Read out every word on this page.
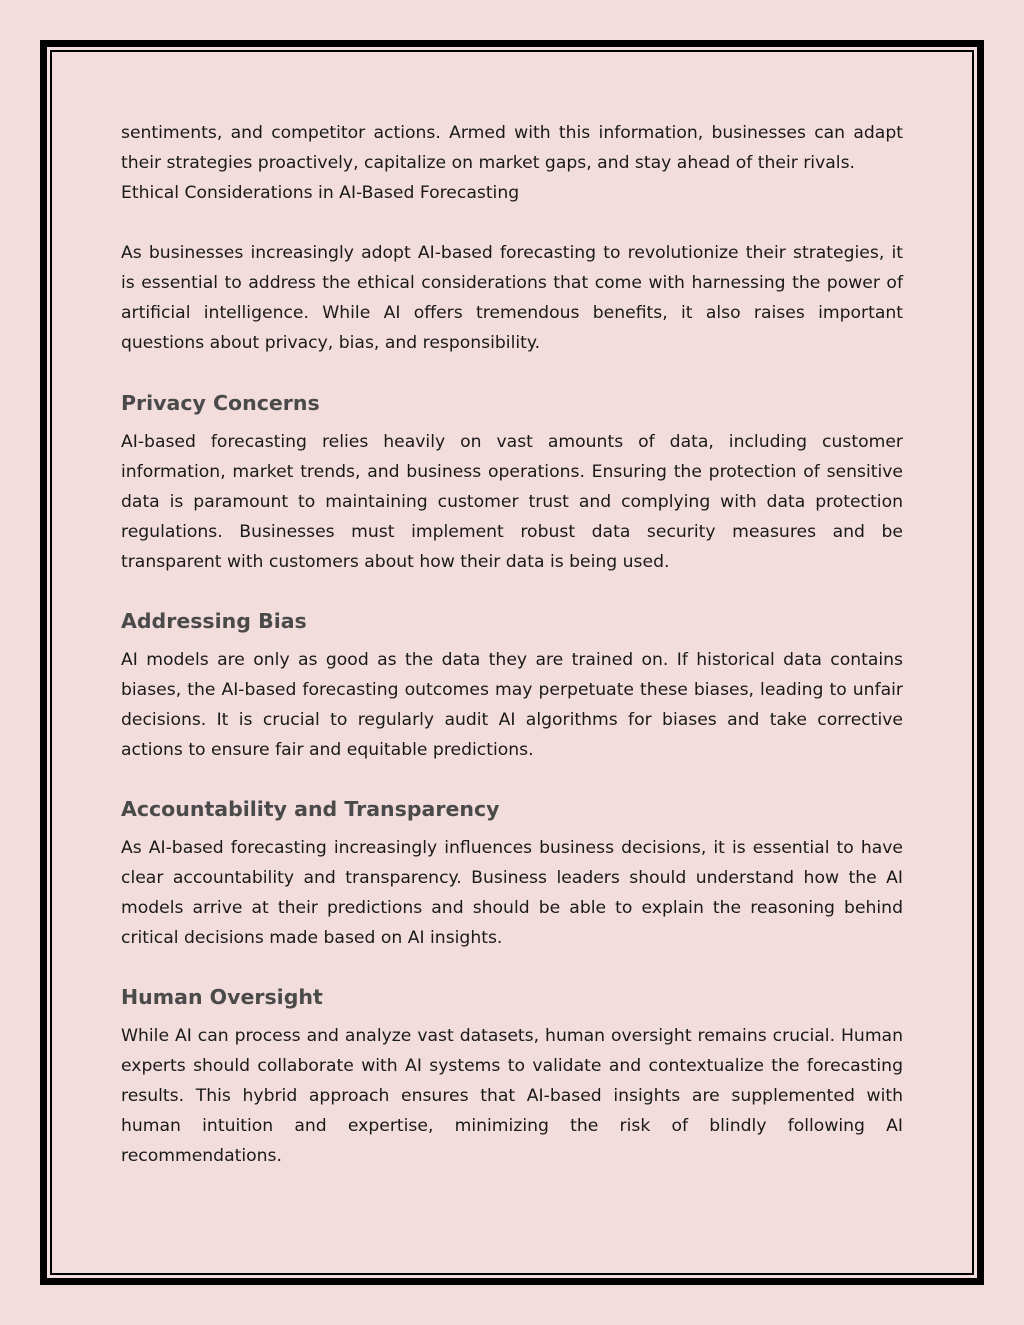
sentiments, and competitor actions. Armed with this information, businesses can adapt their strategies proactively, capitalize on market gaps, and stay ahead of their rivals.

Ethical Considerations in AI-Based Forecasting

As businesses increasingly adopt AI-based forecasting to revolutionize their strategies, it is essential to address the ethical considerations that come with harnessing the power of artificial intelligence. While AI offers tremendous benefits, it also raises important questions about privacy, bias, and responsibility.

Privacy Concerns

AI-based forecasting relies heavily on vast amounts of data, including customer information, market trends, and business operations. Ensuring the protection of sensitive data is paramount to maintaining customer trust and complying with data protection regulations. Businesses must implement robust data security measures and be transparent with customers about how their data is being used.

Addressing Bias

AI models are only as good as the data they are trained on. If historical data contains biases, the AI-based forecasting outcomes may perpetuate these biases, leading to unfair decisions. It is crucial to regularly audit AI algorithms for biases and take corrective actions to ensure fair and equitable predictions.

Accountability and Transparency

As AI-based forecasting increasingly influences business decisions, it is essential to have clear accountability and transparency. Business leaders should understand how the AI models arrive at their predictions and should be able to explain the reasoning behind critical decisions made based on AI insights.

Human Oversight

While AI can process and analyze vast datasets, human oversight remains crucial. Human experts should collaborate with AI systems to validate and contextualize the forecasting results. This hybrid approach ensures that AI-based insights are supplemented with human intuition and expertise, minimizing the risk of blindly following AI recommendations.
